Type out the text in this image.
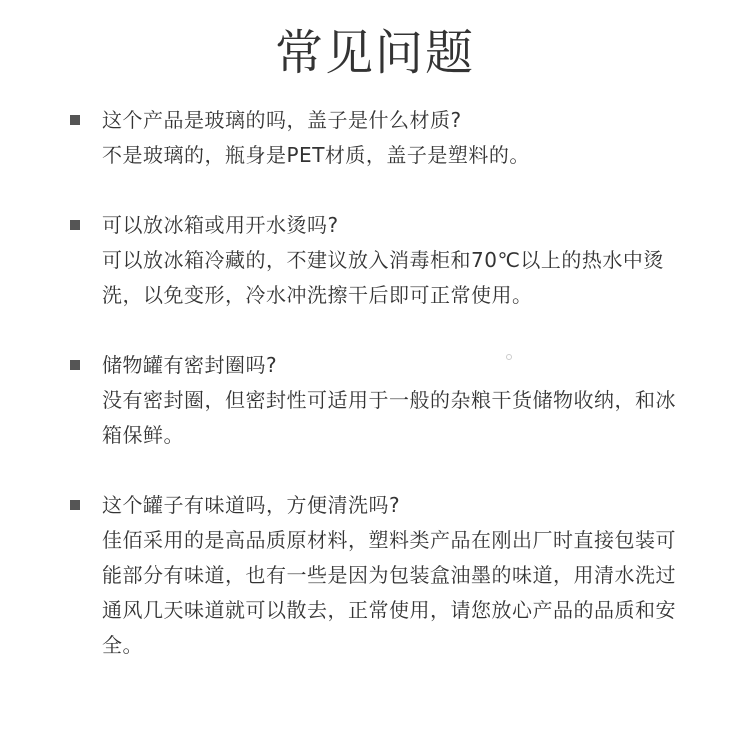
常见问题
这个产品是玻璃的吗，盖子是什么材质?
不是玻璃的，瓶身是PET材质，盖子是塑料的。
可以放冰箱或用开水烫吗?
可以放冰箱冷藏的，不建议放入消毒柜和70℃以上的热水中烫洗，以免变形，冷水冲洗擦干后即可正常使用。
储物罐有密封圈吗?
没有密封圈，但密封性可适用于一般的杂粮干货储物收纳，和冰箱保鲜。
这个罐子有味道吗，方便清洗吗?
佳佰采用的是高品质原材料，塑料类产品在刚出厂时直接包装可能部分有味道，也有一些是因为包装盒油墨的味道，用清水洗过通风几天味道就可以散去，正常使用，请您放心产品的品质和安全。
